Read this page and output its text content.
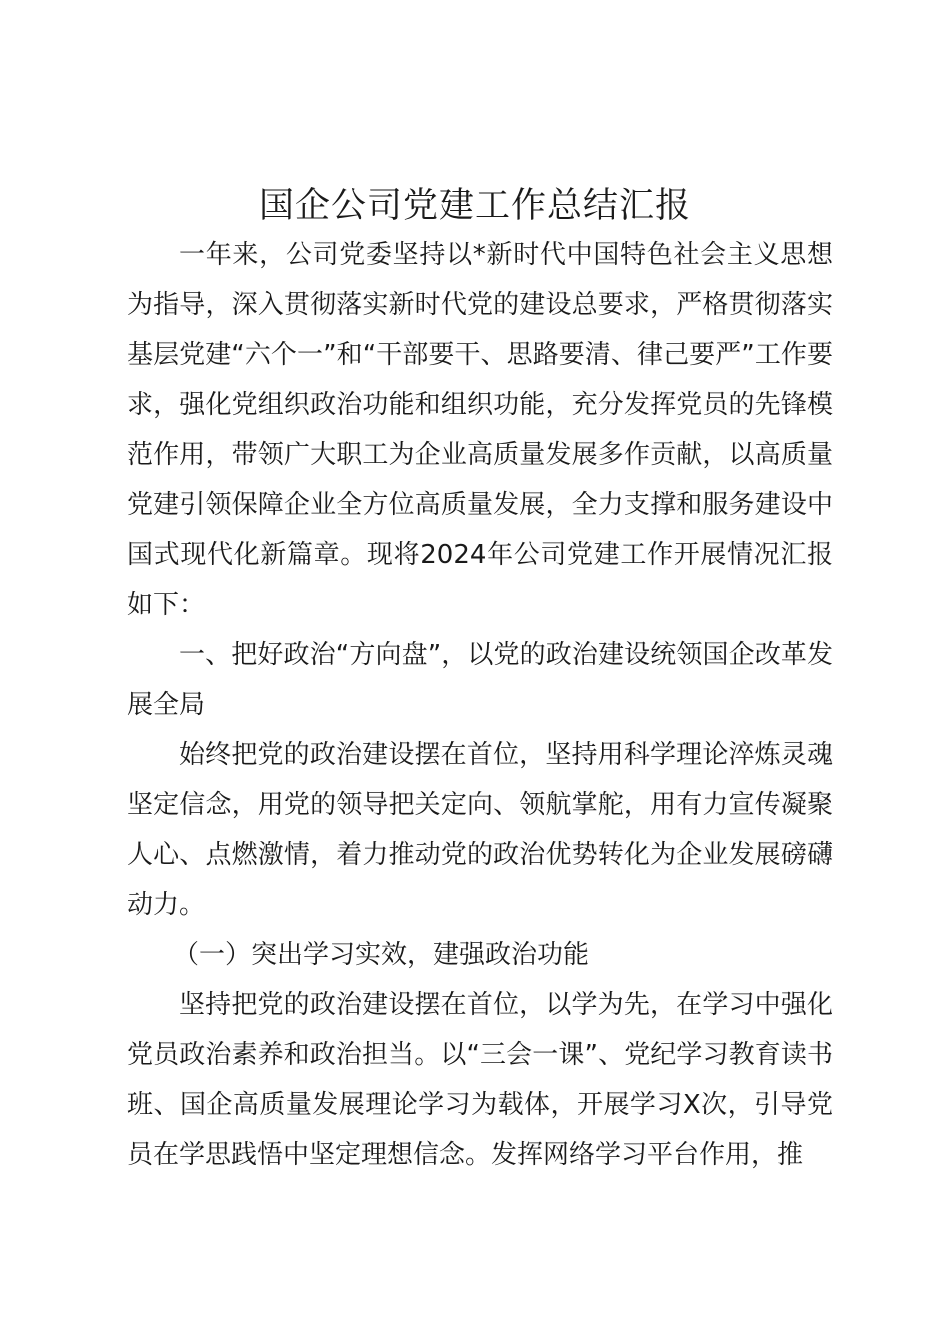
国企公司党建工作总结汇报

一年来，公司党委坚持以*新时代中国特色社会主义思想为指导，深入贯彻落实新时代党的建设总要求，严格贯彻落实基层党建“六个一”和“干部要干、思路要清、律己要严”工作要求，强化党组织政治功能和组织功能，充分发挥党员的先锋模范作用，带领广大职工为企业高质量发展多作贡献，以高质量党建引领保障企业全方位高质量发展，全力支撑和服务建设中国式现代化新篇章。现将2024年公司党建工作开展情况汇报如下：

一、把好政治“方向盘”，以党的政治建设统领国企改革发展全局

始终把党的政治建设摆在首位，坚持用科学理论淬炼灵魂坚定信念，用党的领导把关定向、领航掌舵，用有力宣传凝聚人心、点燃激情，着力推动党的政治优势转化为企业发展磅礴动力。

（一）突出学习实效，建强政治功能

坚持把党的政治建设摆在首位，以学为先，在学习中强化党员政治素养和政治担当。以“三会一课”、党纪学习教育读书班、国企高质量发展理论学习为载体，开展学习X次，引导党员在学思践悟中坚定理想信念。发挥网络学习平台作用，推
